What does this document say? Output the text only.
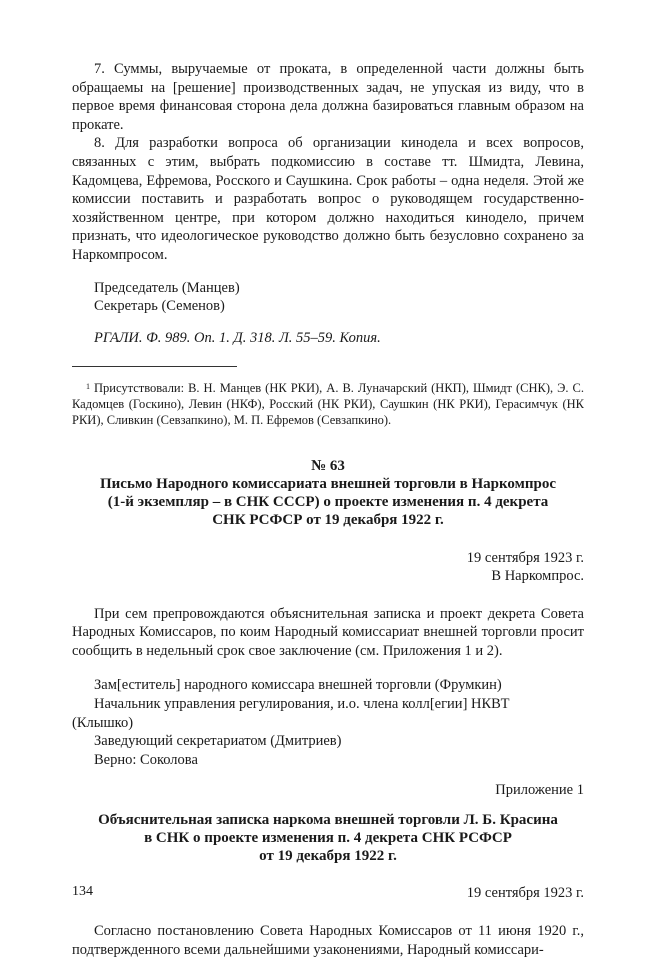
7. Суммы, выручаемые от проката, в определенной части должны быть обращаемы на [решение] производственных задач, не упуская из виду, что в первое время финансовая сторона дела должна базироваться главным образом на прокате.

8. Для разработки вопроса об организации киноделa и всех вопросов, связанных с этим, выбрать подкомиссию в составе тт. Шмидта, Левина, Кадомцева, Ефремова, Росского и Саушкина. Срок работы – одна неделя. Этой же комиссии поставить и разработать вопрос о руководящем государственно-хозяйственном центре, при котором должно находиться киноделo, причем признать, что идеологическое руководство должно быть безусловно сохранено за Наркомпросом.

Председатель (Манцев)

Секретарь (Семенов)

РГАЛИ. Ф. 989. Оп. 1. Д. 318. Л. 55–59. Копия.

$^1$ Присутствовали: В. Н. Манцев (НК РКИ), А. В. Луначарский (НКП), Шмидт (СНК), Э. С. Кадомцев (Госкино), Левин (НКФ), Росский (НК РКИ), Саушкин (НК РКИ), Герасимчук (НК РКИ), Сливкин (Севзапкино), М. П. Ефремов (Севзапкино).

№ 63

Письмо Народного комиссариата внешней торговли в Наркомпрос

(1-й экземпляр – в СНК СССР) о проекте изменения п. 4 декрета

СНК РСФСР от 19 декабря 1922 г.

19 сентября 1923 г.

В Наркомпрос.

При сем препровождаются объяснительная записка и проект декрета Совета Народных Комиссаров, по коим Народный комиссариат внешней торговли просит сообщить в недельный срок свое заключение (см. Приложения 1 и 2).

Зам[еститель] народного комиссара внешней торговли (Фрумкин)

Начальник управления регулирования, и.о. члена колл[егии] НКВТ

(Клышко)

Заведующий секретариатом (Дмитриев)

Верно: Соколова

Приложение 1

Объяснительная записка наркома внешней торговли Л. Б. Красина

в СНК о проекте изменения п. 4 декрета СНК РСФСР

от 19 декабря 1922 г.

19 сентября 1923 г.

Согласно постановлению Совета Народных Комиссаров от 11 июня 1920 г., подтвержденного всеми дальнейшими узаконениями, Народный комиссари-

134
